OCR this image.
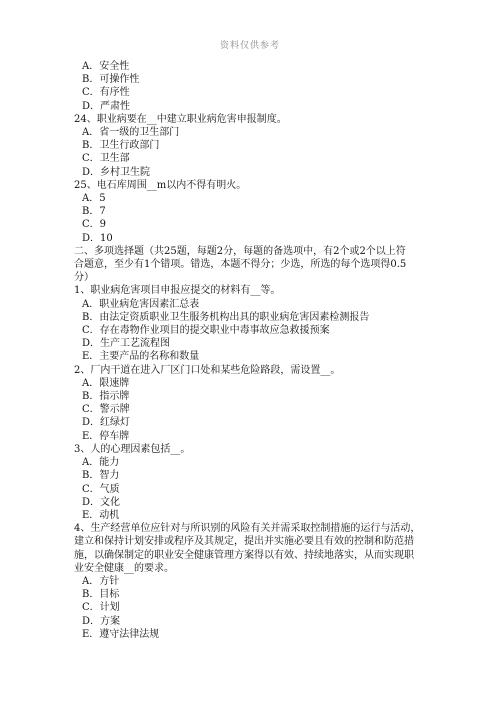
资料仅供参考
A．安全性
B．可操作性
C．有序性
D．严肃性
24、职业病要在__中建立职业病危害申报制度。
A．省一级的卫生部门
B．卫生行政部门
C．卫生部
D．乡村卫生院
25、电石库周围__m以内不得有明火。
A．5
B．7
C．9
D．10
二、多项选择题（共25题，每题2分，每题的备选项中，有2个或2个以上符
合题意，至少有1个错项。错选，本题不得分；少选，所选的每个选项得0.5
分）
1、职业病危害项目申报应提交的材料有__等。
A．职业病危害因素汇总表
B．由法定资质职业卫生服务机构出具的职业病危害因素检测报告
C．存在毒物作业项目的提交职业中毒事故应急救援预案
D．生产工艺流程图
E．主要产品的名称和数量
2、厂内干道在进入厂区门口处和某些危险路段，需设置__。
A．限速牌
B．指示牌
C．警示牌
D．红绿灯
E．停车牌
3、人的心理因素包括__。
A．能力
B．智力
C．气质
D．文化
E．动机
4、生产经营单位应针对与所识别的风险有关并需采取控制措施的运行与活动，
建立和保持计划安排或程序及其规定，提出并实施必要且有效的控制和防范措
施，以确保制定的职业安全健康管理方案得以有效、持续地落实，从而实现职
业安全健康__的要求。
A．方针
B．目标
C．计划
D．方案
E．遵守法律法规
